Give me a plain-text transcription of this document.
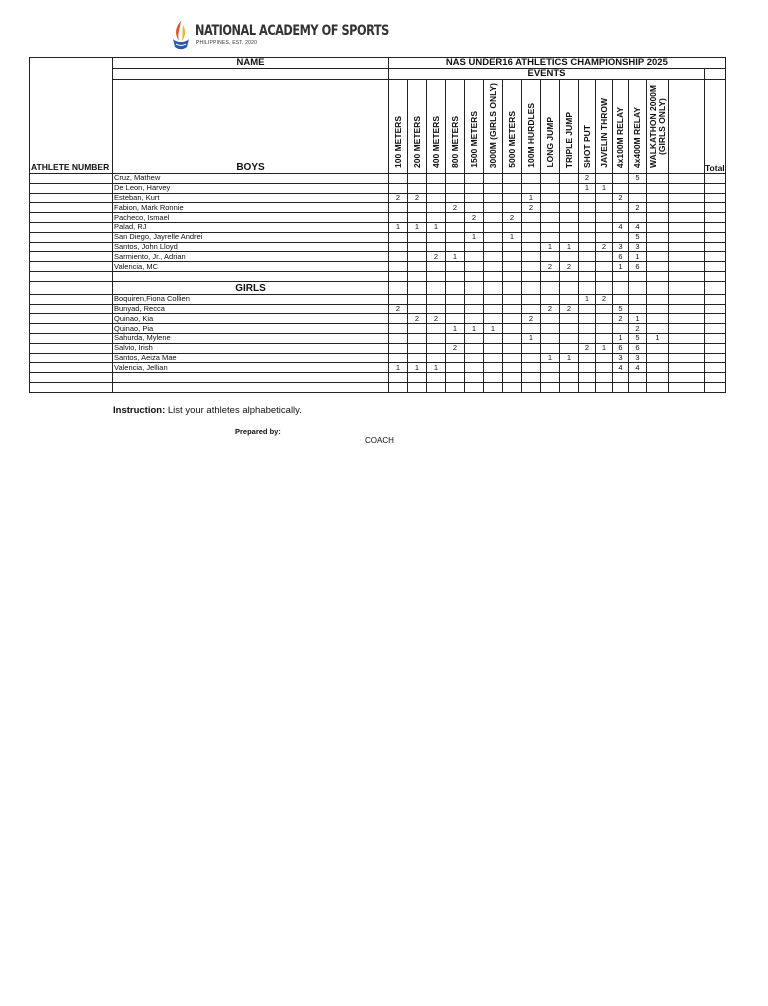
NATIONAL ACADEMY OF SPORTS
PHILIPPINES, EST. 2020
ATHLETE NUMBER	NAME	NAS UNDER16 ATHLETICS CHAMPIONSHIP 2025																
		EVENTS																
	BOYS	100 METERS	200 METERS	400 METERS	800 METERS	1500 METERS	3000M (GIRLS ONLY)	5000 METERS	100M HURDLES	LONG JUMP	TRIPLE JUMP	SHOT PUT	JAVELIN THROW	4x100M RELAY	4x400M RELAY	WALKATHON 2000M
(GIRLS ONLY)		Total

	Cruz, Mathew											2			5			
	De Leon, Harvey											1	1					
	Esteban, Kurt	2	2						1					2				
	Fabion, Mark Ronnie				2				2						2			
	Pacheco, Ismael					2		2										
	Palad, RJ	1	1	1										4	4			
	San Diego, Jayrelle Andrei					1		1							5			
	Santos, John Lloyd									1	1		2	3	3			
	Sarmiento, Jr., Adrian			2	1									6	1			
	Valencia, MC									2	2			1	6			

	GIRLS																	
	Boquiren,Fiona Collien											1	2					
	Bunyad, Recca	2								2	2			5				
	Quinao, Kia		2	2					2					2	1			
	Quinao, Pia				1	1	1								2			
	Sahurda, Mylene								1					1	5	1		
	Salvio, Irish				2							2	1	6	6			
	Santos, Aeiza Mae									1	1			3	3			
	Valencia, Jellian	1	1	1										4	4			

Instruction: List your athletes alphabetically.
Prepared by:
COACH
